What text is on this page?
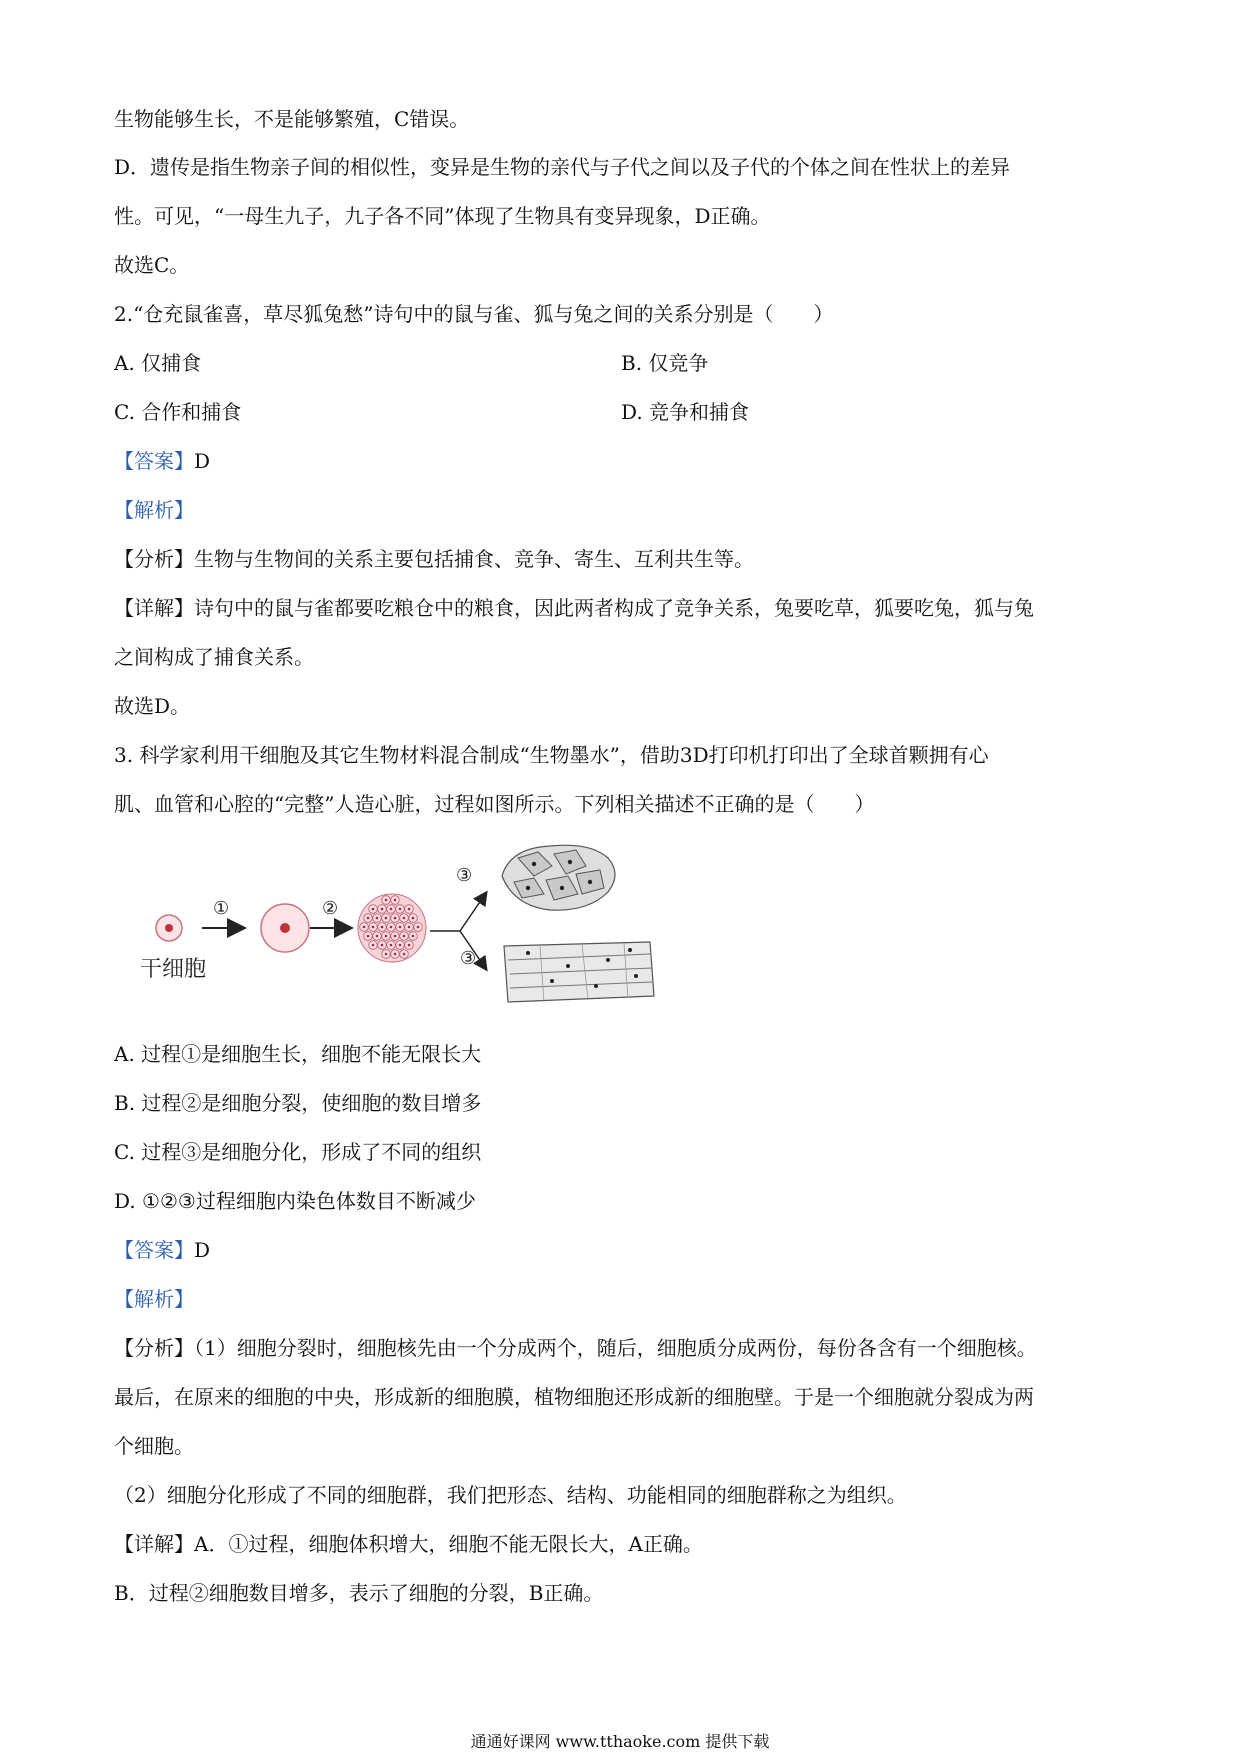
生物能够生长，不是能够繁殖，C错误。
D．遗传是指生物亲子间的相似性，变异是生物的亲代与子代之间以及子代的个体之间在性状上的差异
性。可见，“一母生九子，九子各不同”体现了生物具有变异现象，D正确。
故选C。
2.“仓充鼠雀喜，草尽狐兔愁”诗句中的鼠与雀、狐与兔之间的关系分别是（　　）
A. 仅捕食	B. 仅竞争
C. 合作和捕食	D. 竞争和捕食
【答案】D
【解析】
【分析】生物与生物间的关系主要包括捕食、竞争、寄生、互利共生等。
【详解】诗句中的鼠与雀都要吃粮仓中的粮食，因此两者构成了竞争关系，兔要吃草，狐要吃兔，狐与兔
之间构成了捕食关系。
故选D。
3. 科学家利用干细胞及其它生物材料混合制成“生物墨水”，借助3D打印机打印出了全球首颗拥有心
肌、血管和心腔的“完整”人造心脏，过程如图所示。下列相关描述不正确的是（　　）
干细胞
①	②
③
③
A. 过程①是细胞生长，细胞不能无限长大
B. 过程②是细胞分裂，使细胞的数目增多
C. 过程③是细胞分化，形成了不同的组织
D. ①②③过程细胞内染色体数目不断减少
【答案】D
【解析】
【分析】（1）细胞分裂时，细胞核先由一个分成两个，随后，细胞质分成两份，每份各含有一个细胞核。
最后，在原来的细胞的中央，形成新的细胞膜，植物细胞还形成新的细胞壁。于是一个细胞就分裂成为两
个细胞。
（2）细胞分化形成了不同的细胞群，我们把形态、结构、功能相同的细胞群称之为组织。
【详解】A．①过程，细胞体积增大，细胞不能无限长大，A正确。
B．过程②细胞数目增多，表示了细胞的分裂，B正确。
通通好课网 www.tthaoke.com 提供下载
